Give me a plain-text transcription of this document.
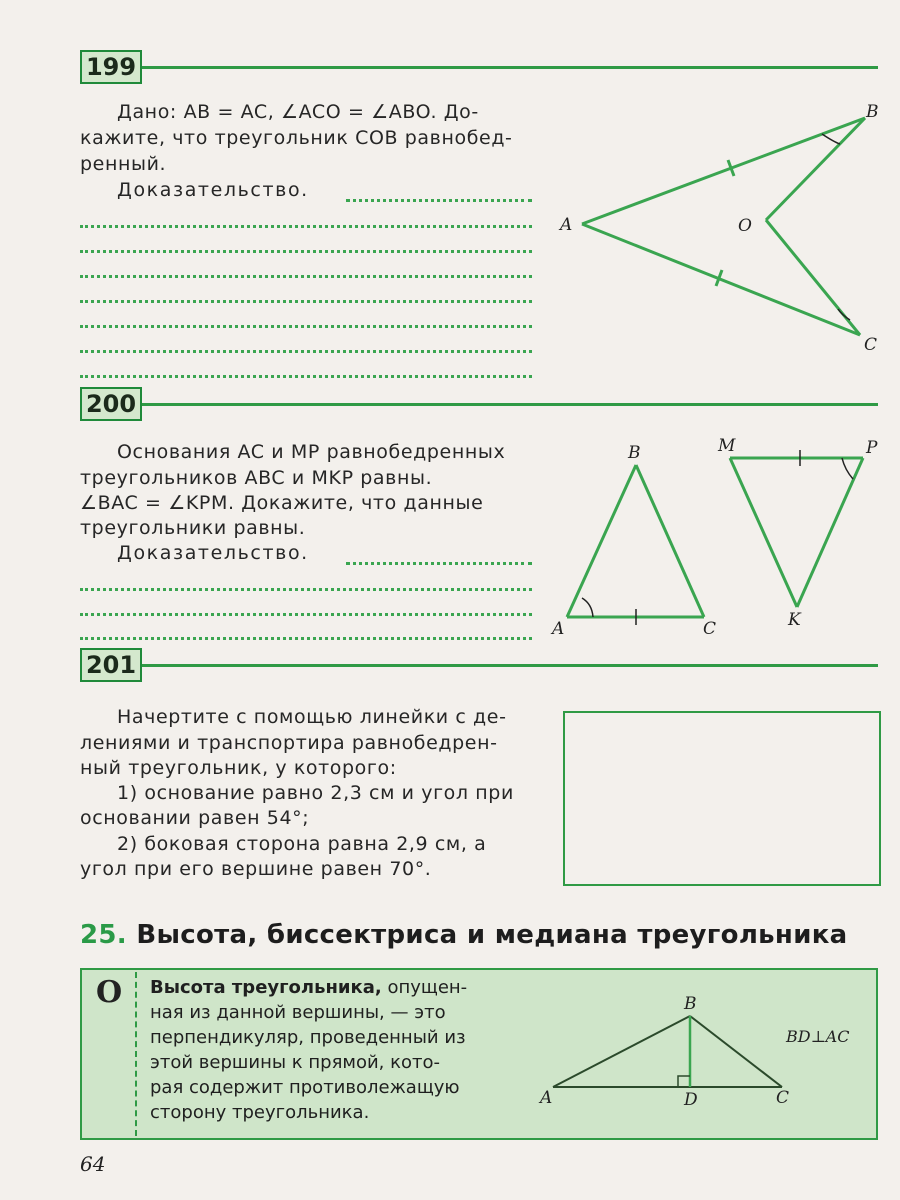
199
Дано: AB = AC, ∠ACO = ∠ABO. До-
кажите, что треугольник COB равнобед-
ренный.
Доказательство.
200
Основания AC и MP равнобедренных
треугольников ABC и MKP равны.
∠BAC = ∠KPM. Докажите, что данные
треугольники равны.
Доказательство.
201
Начертите с помощью линейки с де-
лениями и транспортира равнобедрен-
ный треугольник, у которого:
1) основание равно 2,3 см и угол при
основании равен 54°;
2) боковая сторона равна 2,9 см, а
угол при его вершине равен 70°.
25. Высота, биссектриса и медиана треугольника
О Высота треугольника, опущен-
ная из данной вершины, — это
перпендикуляр, проведенный из
этой вершины к прямой, кото-
рая содержит противолежащую
сторону треугольника.
64
A
B
C
O
B
A	C
M	P
K
B
A	D	C
BD⊥AC
